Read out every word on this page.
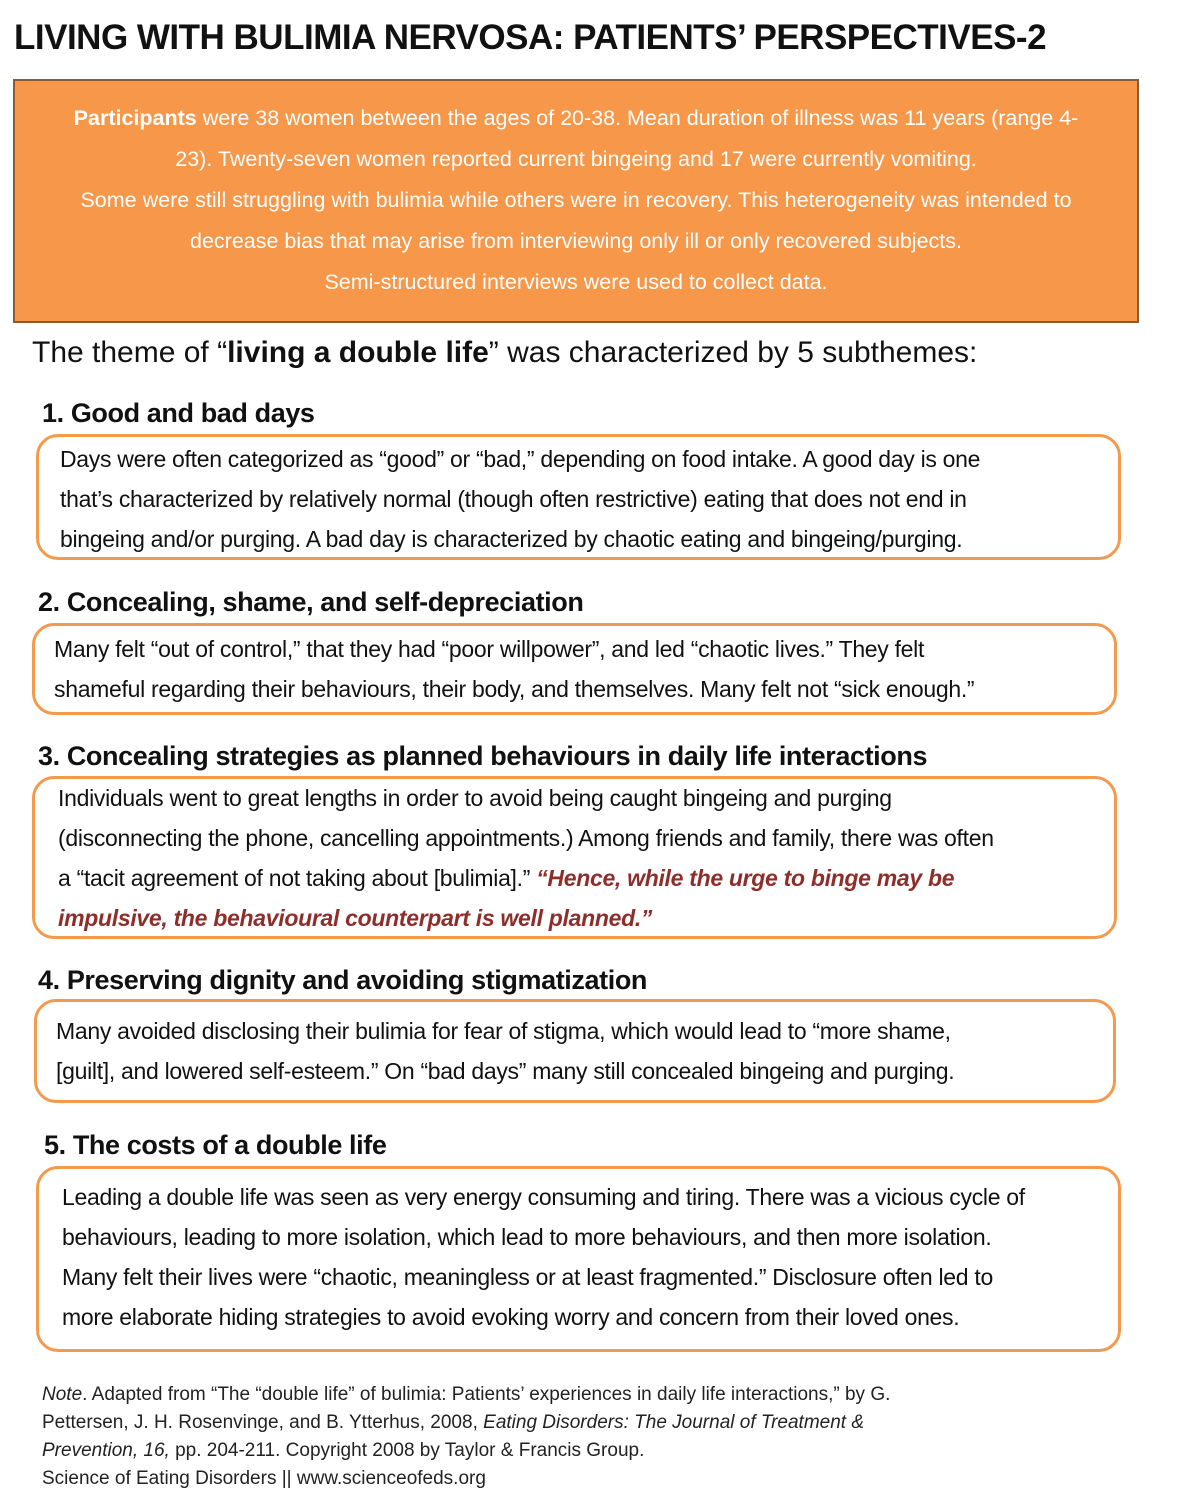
LIVING WITH BULIMIA NERVOSA: PATIENTS’ PERSPECTIVES-2
Participants were 38 women between the ages of 20-38. Mean duration of illness was 11 years (range 4-
23). Twenty-seven women reported current bingeing and 17 were currently vomiting.
Some were still struggling with bulimia while others were in recovery. This heterogeneity was intended to
decrease bias that may arise from interviewing only ill or only recovered subjects.
Semi-structured interviews were used to collect data.
The theme of “living a double life” was characterized by 5 subthemes:
1. Good and bad days
Days were often categorized as “good” or “bad,” depending on food intake. A good day is one
that’s characterized by relatively normal (though often restrictive) eating that does not end in
bingeing and/or purging. A bad day is characterized by chaotic eating and bingeing/purging.
2. Concealing, shame, and self-depreciation
Many felt “out of control,” that they had “poor willpower”, and led “chaotic lives.” They felt
shameful regarding their behaviours, their body, and themselves. Many felt not “sick enough.”
3. Concealing strategies as planned behaviours in daily life interactions
Individuals went to great lengths in order to avoid being caught bingeing and purging
(disconnecting the phone, cancelling appointments.) Among friends and family, there was often
a “tacit agreement of not taking about [bulimia].” “Hence, while the urge to binge may be
impulsive, the behavioural counterpart is well planned.”
4. Preserving dignity and avoiding stigmatization
Many avoided disclosing their bulimia for fear of stigma, which would lead to “more shame,
[guilt], and lowered self-esteem.” On “bad days” many still concealed bingeing and purging.
5. The costs of a double life
Leading a double life was seen as very energy consuming and tiring. There was a vicious cycle of
behaviours, leading to more isolation, which lead to more behaviours, and then more isolation.
Many felt their lives were “chaotic, meaningless or at least fragmented.” Disclosure often led to
more elaborate hiding strategies to avoid evoking worry and concern from their loved ones.
Note. Adapted from “The “double life” of bulimia: Patients’ experiences in daily life interactions,” by G.
Pettersen, J. H. Rosenvinge, and B. Ytterhus, 2008, Eating Disorders: The Journal of Treatment &
Prevention, 16, pp. 204-211. Copyright 2008 by Taylor & Francis Group.
Science of Eating Disorders || www.scienceofeds.org
